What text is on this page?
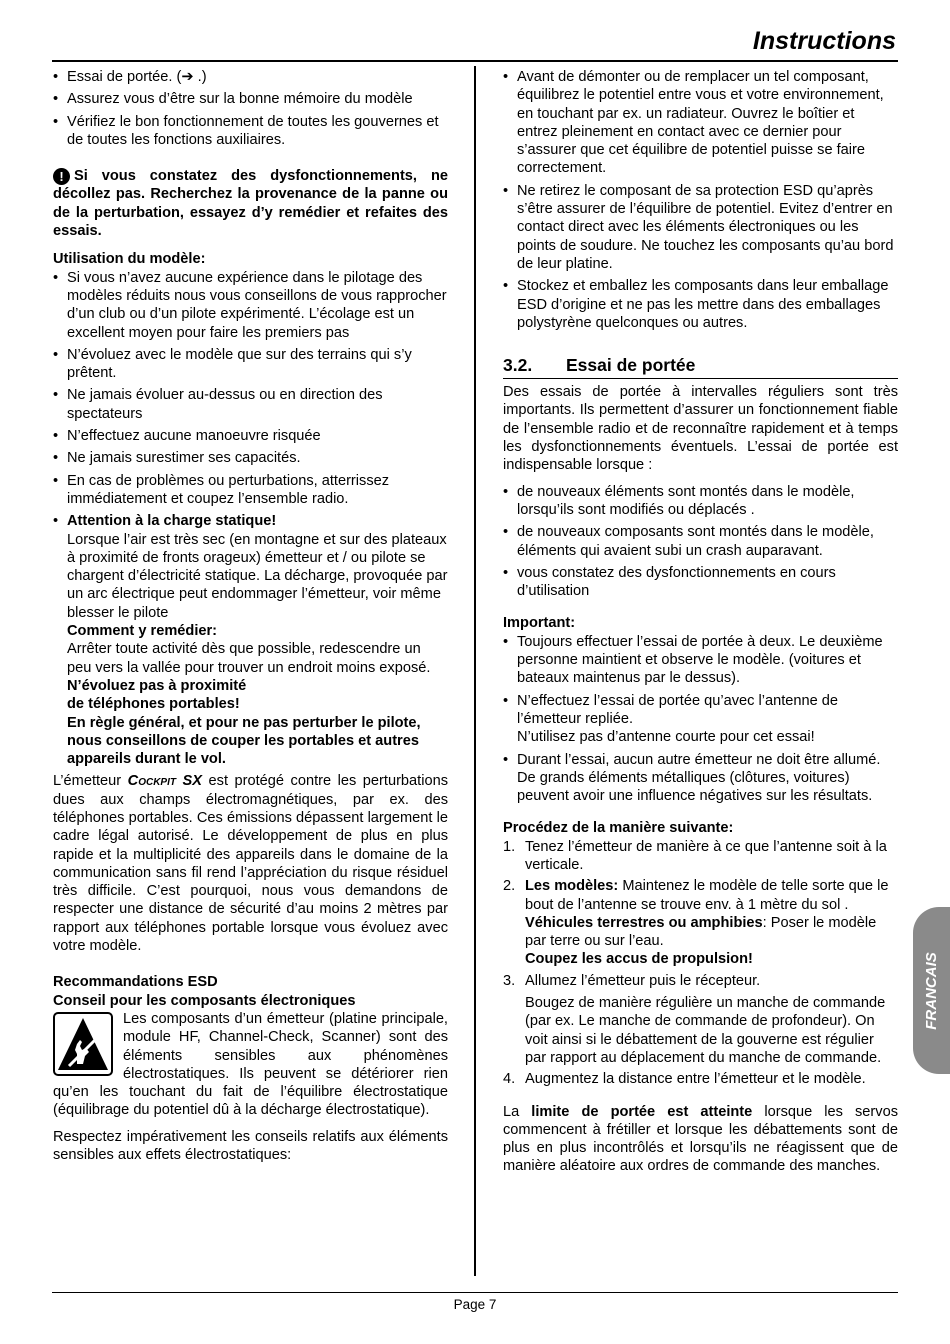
Instructions
• Essai de portée. (➔ .)
• Assurez vous d’être sur la bonne mémoire du modèle
• Vérifiez le bon fonctionnement de toutes les gouvernes et de toutes les fonctions auxiliaires.

! Si vous constatez des dysfonctionnements, ne décollez pas. Recherchez la provenance de la panne ou de la perturbation, essayez d’y remédier et refaites des essais.

Utilisation du modèle:

• Si vous n’avez aucune expérience dans le pilotage des modèles réduits nous vous conseillons de vous rapprocher d’un club ou d’un pilote expérimenté. L’écolage est un excellent moyen pour faire les premiers pas
• N’évoluez avec le modèle que sur des terrains qui s’y prêtent.
• Ne jamais évoluer au-dessus ou en direction des spectateurs
• N’effectuez aucune manoeuvre risquée
• Ne jamais surestimer ses capacités.
• En cas de problèmes ou perturbations, atterrissez immédiatement et coupez l’ensemble radio.
• Attention à la charge statique!
Lorsque l’air est très sec (en montagne et sur des plateaux à proximité de fronts orageux) émetteur et / ou pilote se chargent d’électricité statique. La décharge, provoquée par un arc électrique peut endommager l’émetteur, voir même blesser le pilote
Comment y remédier:
Arrêter toute activité dès que possible, redescendre un peu vers la vallée pour trouver un endroit moins exposé.
N’évoluez pas à proximité
de téléphones portables!
En règle général, et pour ne pas perturber le pilote, nous conseillons de couper les portables et autres appareils durant le vol.

L’émetteur Cockpit SX est protégé contre les perturbations dues aux champs électromagnétiques, par ex. des téléphones portables. Ces émissions dépassent largement le cadre légal autorisé. Le développement de plus en plus rapide et la multiplicité des appareils dans le domaine de la communication sans fil rend l’appréciation du risque résiduel très difficile. C’est pourquoi, nous vous demandons de respecter une distance de sécurité d’au moins 2 mètres par rapport aux téléphones portable lorsque vous évoluez avec votre modèle.

Recommandations ESD

Conseil pour les composants électroniques

Les composants d’un émetteur (platine principale, module HF, Channel-Check, Scanner) sont des éléments sensibles aux phénomènes électrostatiques. Ils peuvent se détériorer rien qu’en les touchant du fait de l’équilibre électrostatique (équilibrage du potentiel dû à la décharge électrostatique).

Respectez impérativement les conseils relatifs aux éléments sensibles aux effets électrostatiques:

• Avant de démonter ou de remplacer un tel composant, équilibrez le potentiel entre vous et votre environnement, en touchant par ex. un radiateur. Ouvrez le boîtier et entrez pleinement en contact avec ce dernier pour s’assurer que cet équilibre de potentiel puisse se faire correctement.
• Ne retirez le composant de sa protection ESD qu’après s’être assurer de l’équilibre de potentiel. Evitez d’entrer en contact direct avec les éléments électroniques ou les points de soudure. Ne touchez les composants qu’au bord de leur platine.
• Stockez et emballez les composants dans leur emballage ESD d’origine et ne pas les mettre dans des emballages polystyrène quelconques ou autres.
3.2.	Essai de portée

Des essais de portée à intervalles réguliers sont très importants. Ils permettent d’assurer un fonctionnement fiable de l’ensemble radio et de reconnaître rapidement et à temps les dysfonctionnements éventuels. L’essai de portée est indispensable lorsque :

• de nouveaux éléments sont montés dans le modèle, lorsqu’ils sont modifiés ou déplacés .
• de nouveaux composants sont montés dans le modèle, éléments qui avaient subi un crash auparavant.
• vous constatez des dysfonctionnements en cours d’utilisation

Important:

• Toujours effectuer l’essai de portée à deux. Le deuxième personne maintient et observe le modèle. (voitures et bateaux maintenus par le dessus).
• N’effectuez l’essai de portée qu’avec l’antenne de l’émetteur repliée.
N’utilisez pas d’antenne courte pour cet essai!
• Durant l’essai, aucun autre émetteur ne doit être allumé. De grands éléments métalliques (clôtures, voitures) peuvent avoir une influence négatives sur les résultats.

Procédez de la manière suivante:

1. Tenez l’émetteur de manière à ce que l’antenne soit à la verticale.
2. Les modèles: Maintenez le modèle de telle sorte que le bout de l’antenne se trouve env. à 1 mètre du sol .
Véhicules terrestres ou amphibies: Poser le modèle par terre ou sur l’eau.
Coupez les accus de propulsion!
3. Allumez l’émetteur puis le récepteur.
Bougez de manière régulière un manche de commande (par ex. Le manche de commande de profondeur). On voit ainsi si le débattement de la gouverne est régulier par rapport au déplacement du manche de commande.
4. Augmentez la distance entre l’émetteur et le modèle.

La limite de portée est atteinte lorsque les servos commencent à frétiller et lorsque les débattements sont de plus en plus incontrôlés et lorsqu’ils ne réagissent que de manière aléatoire aux ordres de commande des manches.

FRANCAIS
Page 7
